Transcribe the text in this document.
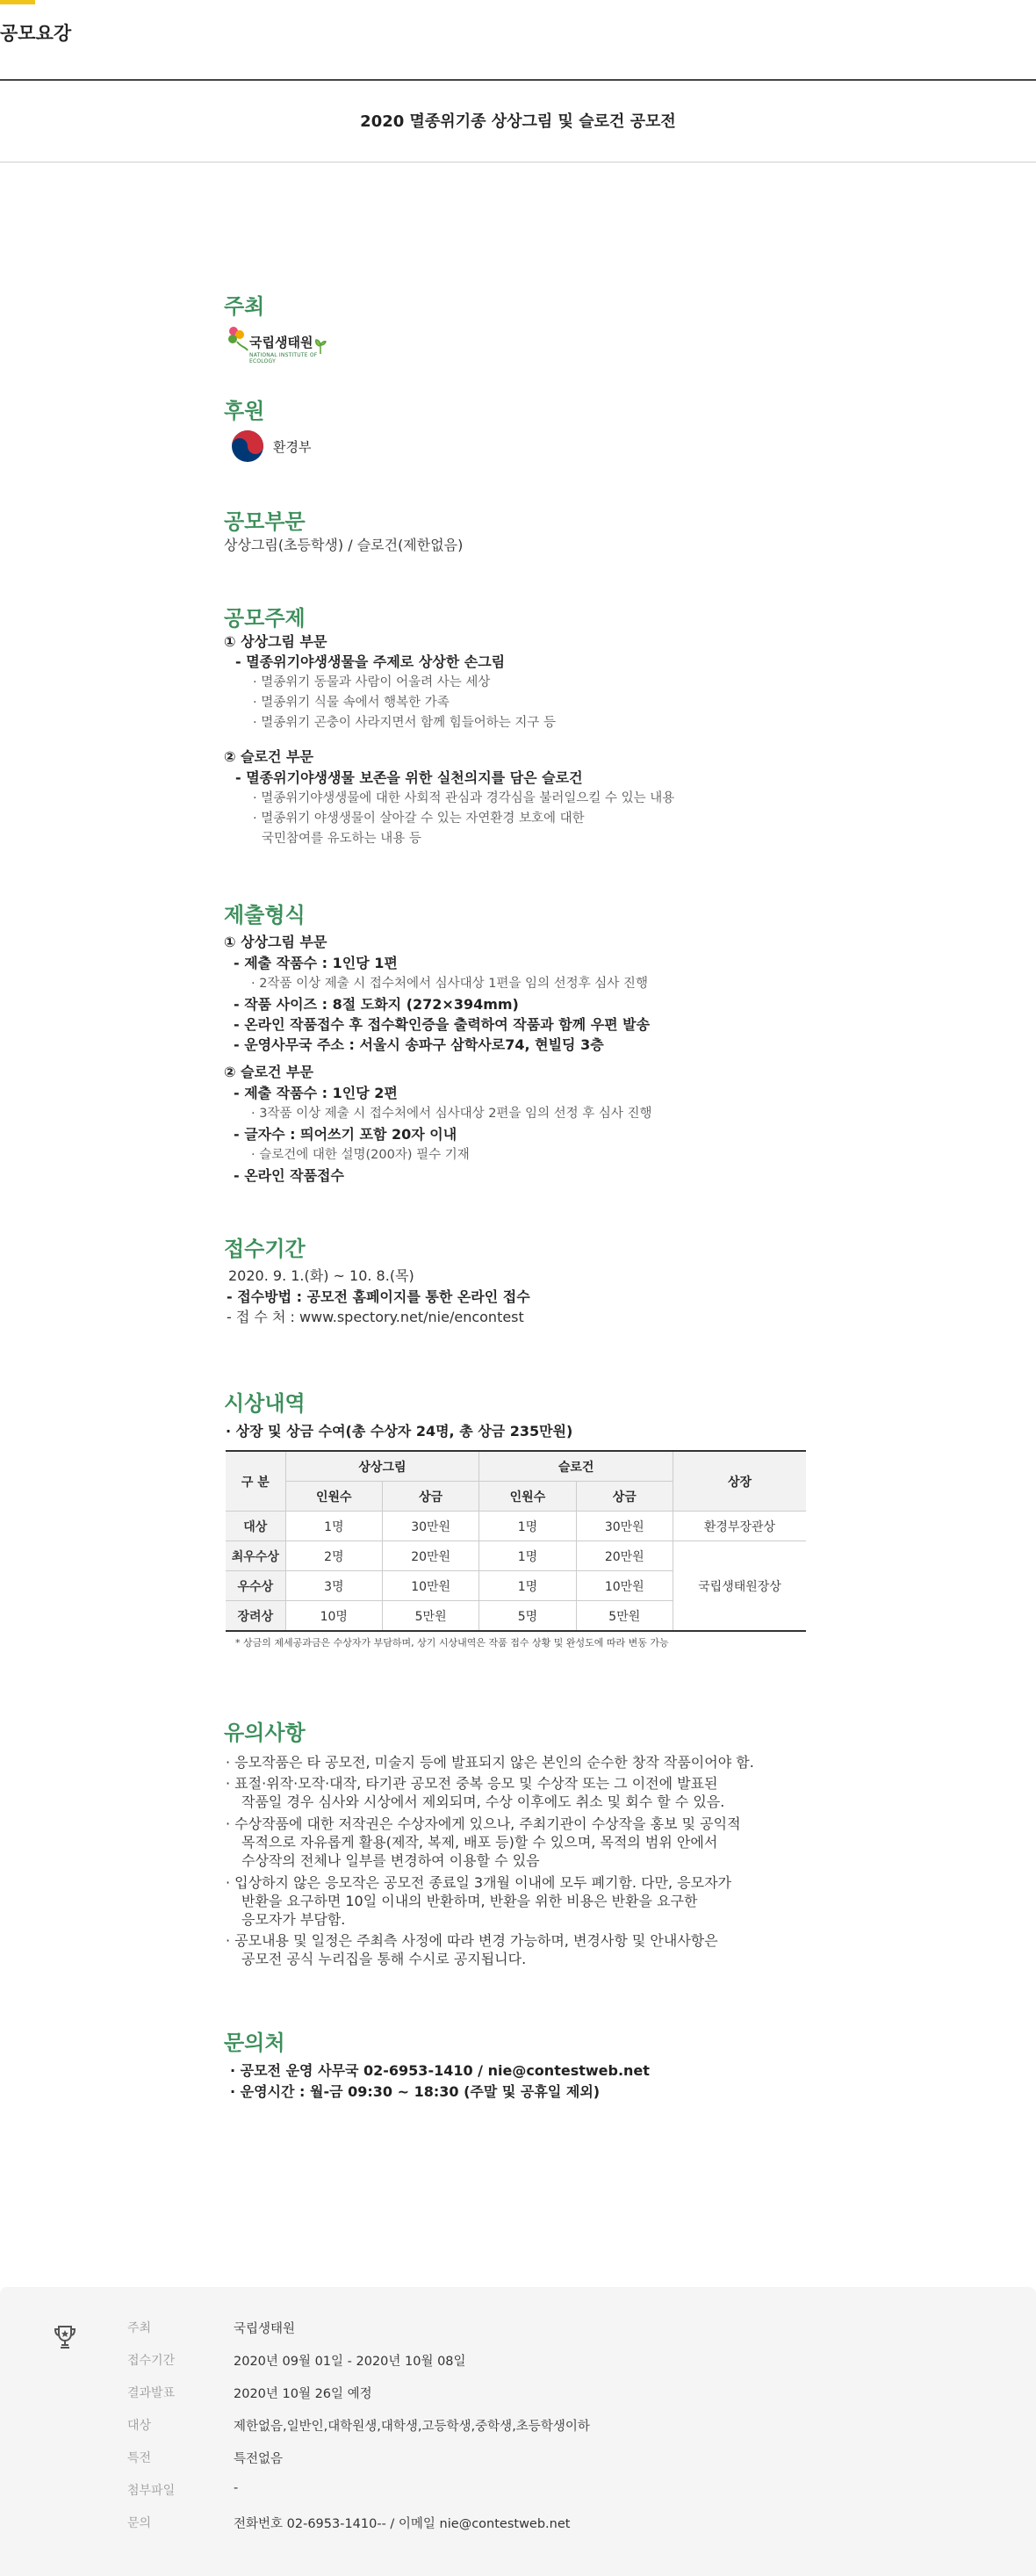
공모요강
2020 멸종위기종 상상그림 및 슬로건 공모전
주최
국립생태원
NATIONAL INSTITUTE OF ECOLOGY
후원
환경부
공모부문
상상그림(초등학생) / 슬로건(제한없음)
공모주제
① 상상그림 부문
- 멸종위기야생생물을 주제로 상상한 손그림
· 멸종위기 동물과 사람이 어울려 사는 세상
· 멸종위기 식물 속에서 행복한 가족
· 멸종위기 곤충이 사라지면서 함께 힘들어하는 지구 등
② 슬로건 부문
- 멸종위기야생생물 보존을 위한 실천의지를 담은 슬로건
· 멸종위기야생생물에 대한 사회적 관심과 경각심을 불러일으킬 수 있는 내용
· 멸종위기 야생생물이 살아갈 수 있는 자연환경 보호에 대한
국민참여를 유도하는 내용 등
제출형식
① 상상그림 부문
- 제출 작품수 : 1인당 1편
· 2작품 이상 제출 시 접수처에서 심사대상 1편을 임의 선정후 심사 진행
- 작품 사이즈 : 8절 도화지 (272×394mm)
- 온라인 작품접수 후 접수확인증을 출력하여 작품과 함께 우편 발송
- 운영사무국 주소 : 서울시 송파구 삼학사로74, 현빌딩 3층
② 슬로건 부문
- 제출 작품수 : 1인당 2편
· 3작품 이상 제출 시 접수처에서 심사대상 2편을 임의 선정 후 심사 진행
- 글자수 : 띄어쓰기 포함 20자 이내
· 슬로건에 대한 설명(200자) 필수 기재
- 온라인 작품접수
접수기간
2020. 9. 1.(화) ~ 10. 8.(목)
- 접수방법 : 공모전 홈페이지를 통한 온라인 접수
- 접 수 처 : www.spectory.net/nie/encontest
시상내역
· 상장 및 상금 수여(총 수상자 24명, 총 상금 235만원)
구 분	상상그림		슬로건		상장
	인원수	상금	인원수	상금	
대상	1명	30만원	1명	30만원	환경부장관상
최우수상	2명	20만원	1명	20만원	국립생태원장상
우수상	3명	10만원	1명	10만원	
장려상	10명	5만원	5명	5만원	
* 상금의 제세공과금은 수상자가 부담하며, 상기 시상내역은 작품 접수 상황 및 완성도에 따라 변동 가능
유의사항
· 응모작품은 타 공모전, 미술지 등에 발표되지 않은 본인의 순수한 창작 작품이어야 함.
· 표절·위작·모작·대작, 타기관 공모전 중복 응모 및 수상작 또는 그 이전에 발표된
작품일 경우 심사와 시상에서 제외되며, 수상 이후에도 취소 및 회수 할 수 있음.
· 수상작품에 대한 저작권은 수상자에게 있으나, 주최기관이 수상작을 홍보 및 공익적
목적으로 자유롭게 활용(제작, 복제, 배포 등)할 수 있으며, 목적의 범위 안에서
수상작의 전체나 일부를 변경하여 이용할 수 있음
· 입상하지 않은 응모작은 공모전 종료일 3개월 이내에 모두 폐기함. 다만, 응모자가
반환을 요구하면 10일 이내의 반환하며, 반환을 위한 비용은 반환을 요구한
응모자가 부담함.
· 공모내용 및 일정은 주최측 사정에 따라 변경 가능하며, 변경사항 및 안내사항은
공모전 공식 누리집을 통해 수시로 공지됩니다.
문의처
· 공모전 운영 사무국 02-6953-1410 / nie@contestweb.net
· 운영시간 : 월-금 09:30 ~ 18:30 (주말 및 공휴일 제외)
주최	국립생태원
접수기간	2020년 09월 01일 - 2020년 10월 08일
결과발표	2020년 10월 26일 예정
대상	제한없음,일반인,대학원생,대학생,고등학생,중학생,초등학생이하
특전	특전없음
첨부파일	-
문의	전화번호 02-6953-1410-- / 이메일 nie@contestweb.net
